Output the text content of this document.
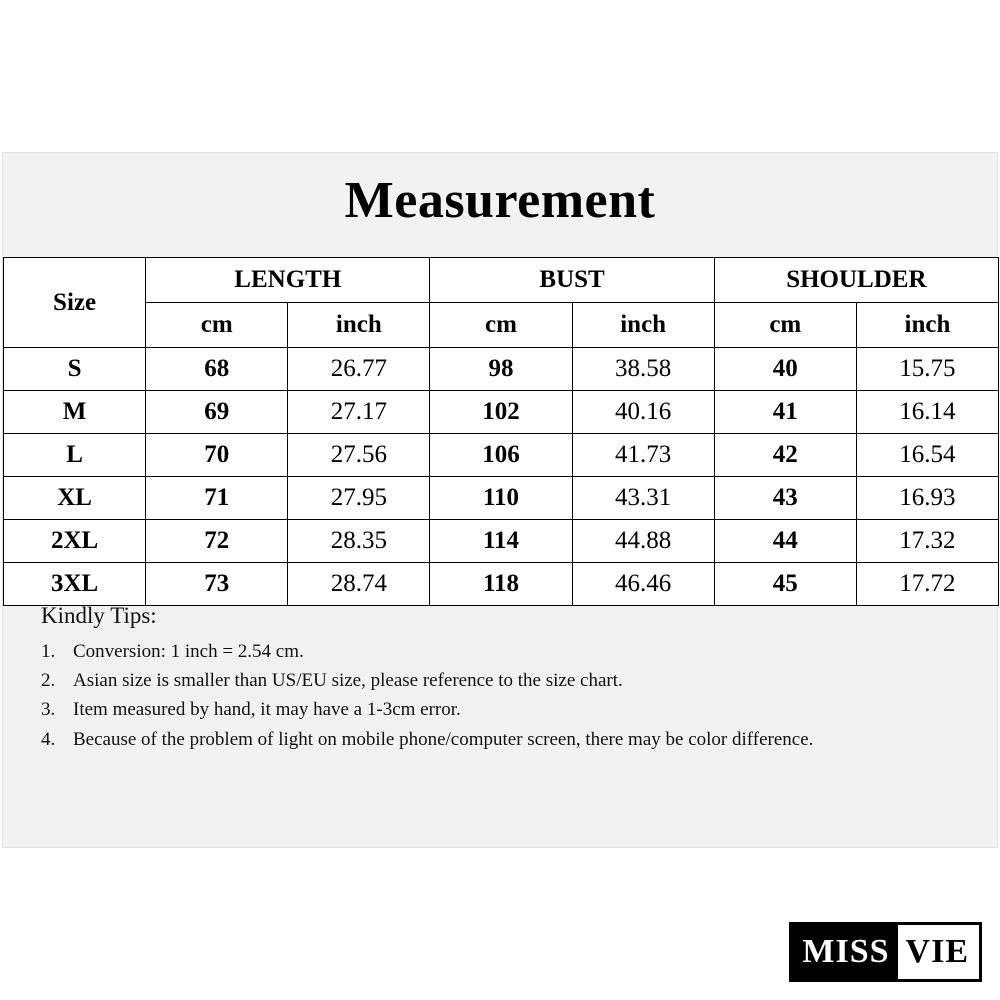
Measurement
Size	LENGTH		BUST		SHOULDER	
	cm	inch	cm	inch	cm	inch
S	68	26.77	98	38.58	40	15.75
M	69	27.17	102	40.16	41	16.14
L	70	27.56	106	41.73	42	16.54
XL	71	27.95	110	43.31	43	16.93
2XL	72	28.35	114	44.88	44	17.32
3XL	73	28.74	118	46.46	45	17.72
Kindly Tips:
1. Conversion: 1 inch = 2.54 cm.
2. Asian size is smaller than US/EU size, please reference to the size chart.
3. Item measured by hand, it may have a 1-3cm error.
4. Because of the problem of light on mobile phone/computer screen, there may be color difference.
MISS VIE
